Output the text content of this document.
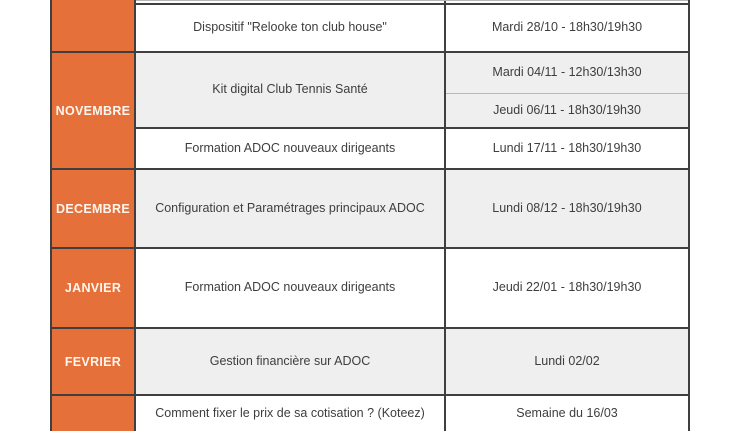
NOVEMBRE
DECEMBRE
JANVIER
FEVRIER
Dispositif "Relooke ton club house"
Kit digital Club Tennis Santé
Formation ADOC nouveaux dirigeants
Configuration et Paramétrages principaux ADOC
Formation ADOC nouveaux dirigeants
Gestion financière sur ADOC
Comment fixer le prix de sa cotisation ? (Koteez)
Mardi 28/10 - 18h30/19h30
Mardi 04/11 - 12h30/13h30
Jeudi 06/11 - 18h30/19h30
Lundi 17/11 - 18h30/19h30
Lundi 08/12 - 18h30/19h30
Jeudi 22/01 - 18h30/19h30
Lundi 02/02
Semaine du 16/03
